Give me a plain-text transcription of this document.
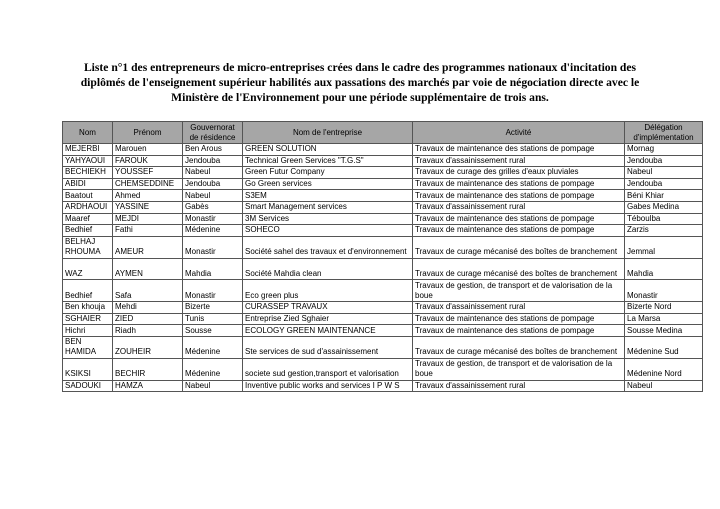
Liste n°1 des entrepreneurs de micro-entreprises crées dans le cadre des programmes nationaux d'incitation des
diplômés de l'enseignement supérieur habilités aux passations des marchés par voie de négociation directe avec le
Ministère de l'Environnement pour une période supplémentaire de trois ans.
Nom	Prénom	Gouvernorat de résidence	Nom de l'entreprise	Activité	Délégation d'implémentation
MEJERBI	Marouen	Ben Arous	GREEN SOLUTION	Travaux de maintenance des stations de pompage	Mornag
YAHYAOUI	FAROUK	Jendouba	Technical Green Services "T.G.S"	Travaux d'assainissement rural	Jendouba
BECHIEKH	YOUSSEF	Nabeul	Green Futur Company	Travaux de curage des grilles d'eaux pluviales	Nabeul
ABIDI	CHEMSEDDINE	Jendouba	Go Green services	Travaux de maintenance des stations de pompage	Jendouba
Baatout	Ahmed	Nabeul	S3EM	Travaux de maintenance des stations de pompage	Béni Khiar
ARDHAOUI	YASSINE	Gabès	Smart Management services	Travaux d'assainissement rural	Gabes Medina
Maaref	MEJDI	Monastir	3M Services	Travaux de maintenance des stations de pompage	Téboulba
Bedhief	Fathi	Médenine	SOHECO	Travaux de maintenance des stations de pompage	Zarzis
BELHAJ RHOUMA	AMEUR	Monastir	Société sahel des travaux et d'environnement	Travaux de curage mécanisé des boîtes de branchement	Jemmal
WAZ	AYMEN	Mahdia	Société Mahdia clean	Travaux de curage mécanisé des boîtes de branchement	Mahdia
Bedhief	Safa	Monastir	Eco green plus	Travaux de gestion, de transport et de valorisation de la boue	Monastir
Ben khouja	Mehdi	Bizerte	CURASSEP TRAVAUX	Travaux d'assainissement rural	Bizerte Nord
SGHAIER	ZIED	Tunis	Entreprise Zied Sghaier	Travaux de maintenance des stations de pompage	La Marsa
Hichri	Riadh	Sousse	ECOLOGY GREEN MAINTENANCE	Travaux de maintenance des stations de pompage	Sousse Medina
BEN HAMIDA	ZOUHEIR	Médenine	Ste services de sud d'assainissement	Travaux de curage mécanisé des boîtes de branchement	Médenine Sud
KSIKSI	BECHIR	Médenine	societe sud gestion,transport et valorisation	Travaux de gestion, de transport et de valorisation de la boue	Médenine Nord
SADOUKI	HAMZA	Nabeul	Inventive public works and services I P W S	Travaux d'assainissement rural	Nabeul
